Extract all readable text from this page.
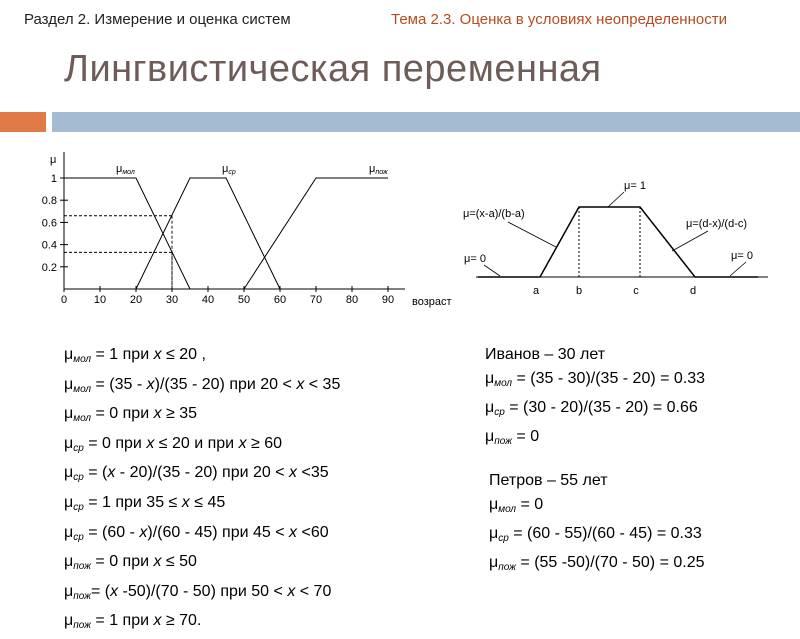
Раздел 2. Измерение и оценка систем	Тема 2.3. Оценка в условиях неопределенности
Лингвистическая переменная
μ
0.2
0.4
0.6
0.8
1
0 10 20 30 40 50 60 70 80 90 возраст
μмол	μср	μпож
a	b	c	d
μ= 1
μ=(x-a)/(b-a)
μ=(d-x)/(d-c)
μ= 0	μ= 0
$\mu_{мол} = 1$ при x ≤ 20 ,
$\mu_{мол} = (35 - x)/(35 - 20)$ при 20 < x < 35
$\mu_{мол} = 0$ при x ≥ 35
$\mu_{ср} = 0$ при x ≤ 20 и при x ≥ 60
$\mu_{ср} = (x - 20)/(35 - 20)$ при 20 < x <35
$\mu_{ср} = 1$ при 35 ≤ x ≤ 45
$\mu_{ср} = (60 - x)/(60 - 45)$ при 45 < x <60
$\mu_{пож} = 0$ при x ≤ 50
$\mu_{пож}= (x$ -50)/(70 - 50) при 50 < x < 70
$\mu_{пож} = 1$ при x ≥ 70.
Иванов – 30 лет
$\mu_{мол} = (35 - 30)/(35 - 20) = 0.33$
$\mu_{ср} = (30 - 20)/(35 - 20) = 0.66$
$\mu_{пож} = 0$
Петров – 55 лет
$\mu_{мол} = 0$
$\mu_{ср} = (60 - 55)/(60 - 45) = 0.33$
$\mu_{пож} = (55$ -50)/(70 - 50) = 0.25
